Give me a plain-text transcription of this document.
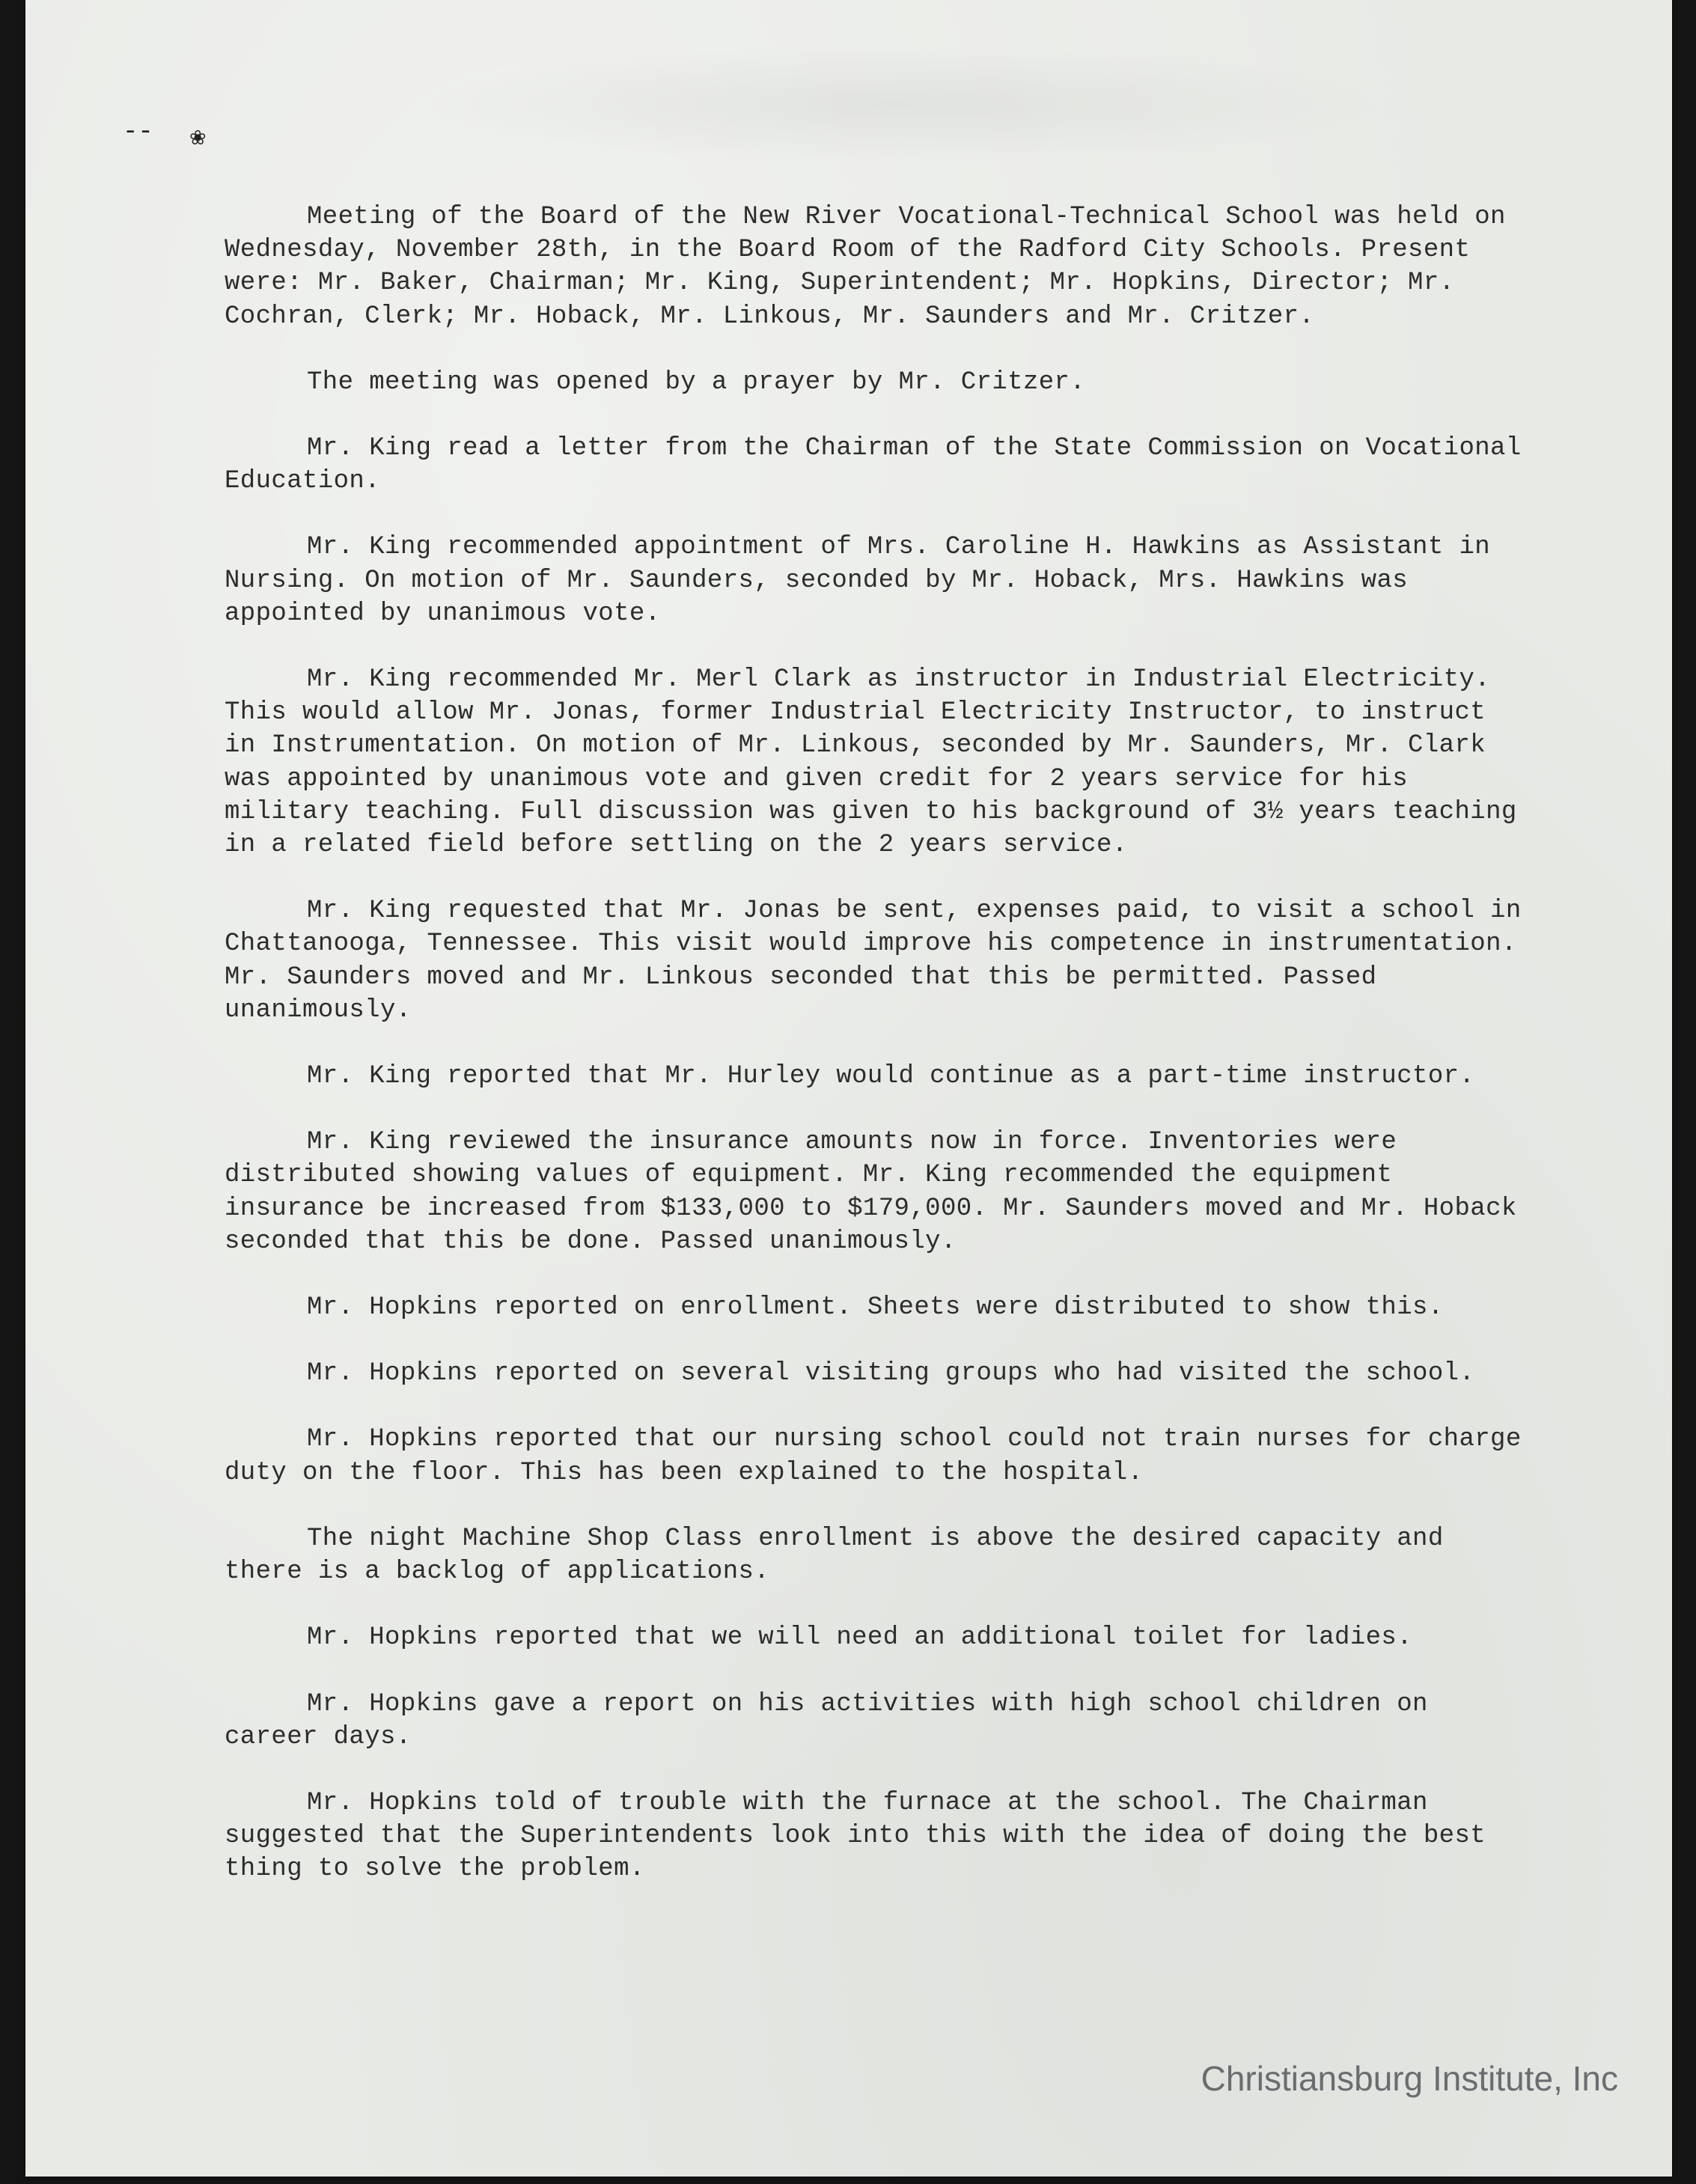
-- ❀

Meeting of the Board of the New River Vocational-Technical School was held on Wednesday, November 28th, in the Board Room of the Radford City Schools. Present were: Mr. Baker, Chairman; Mr. King, Superintendent; Mr. Hopkins, Director; Mr. Cochran, Clerk; Mr. Hoback, Mr. Linkous, Mr. Saunders and Mr. Critzer.

The meeting was opened by a prayer by Mr. Critzer.

Mr. King read a letter from the Chairman of the State Commission on Vocational Education.

Mr. King recommended appointment of Mrs. Caroline H. Hawkins as Assistant in Nursing. On motion of Mr. Saunders, seconded by Mr. Hoback, Mrs. Hawkins was appointed by unanimous vote.

Mr. King recommended Mr. Merl Clark as instructor in Industrial Electricity. This would allow Mr. Jonas, former Industrial Electricity Instructor, to instruct in Instrumentation. On motion of Mr. Linkous, seconded by Mr. Saunders, Mr. Clark was appointed by unanimous vote and given credit for 2 years service for his military teaching. Full discussion was given to his background of 3½ years teaching in a related field before settling on the 2 years service.

Mr. King requested that Mr. Jonas be sent, expenses paid, to visit a school in Chattanooga, Tennessee. This visit would improve his competence in instrumentation. Mr. Saunders moved and Mr. Linkous seconded that this be permitted. Passed unanimously.

Mr. King reported that Mr. Hurley would continue as a part-time instructor.

Mr. King reviewed the insurance amounts now in force. Inventories were distributed showing values of equipment. Mr. King recommended the equipment insurance be increased from $133,000 to $179,000. Mr. Saunders moved and Mr. Hoback seconded that this be done. Passed unanimously.

Mr. Hopkins reported on enrollment. Sheets were distributed to show this.

Mr. Hopkins reported on several visiting groups who had visited the school.

Mr. Hopkins reported that our nursing school could not train nurses for charge duty on the floor. This has been explained to the hospital.

The night Machine Shop Class enrollment is above the desired capacity and there is a backlog of applications.

Mr. Hopkins reported that we will need an additional toilet for ladies.

Mr. Hopkins gave a report on his activities with high school children on career days.

Mr. Hopkins told of trouble with the furnace at the school. The Chairman suggested that the Superintendents look into this with the idea of doing the best thing to solve the problem.

Christiansburg Institute, Inc
